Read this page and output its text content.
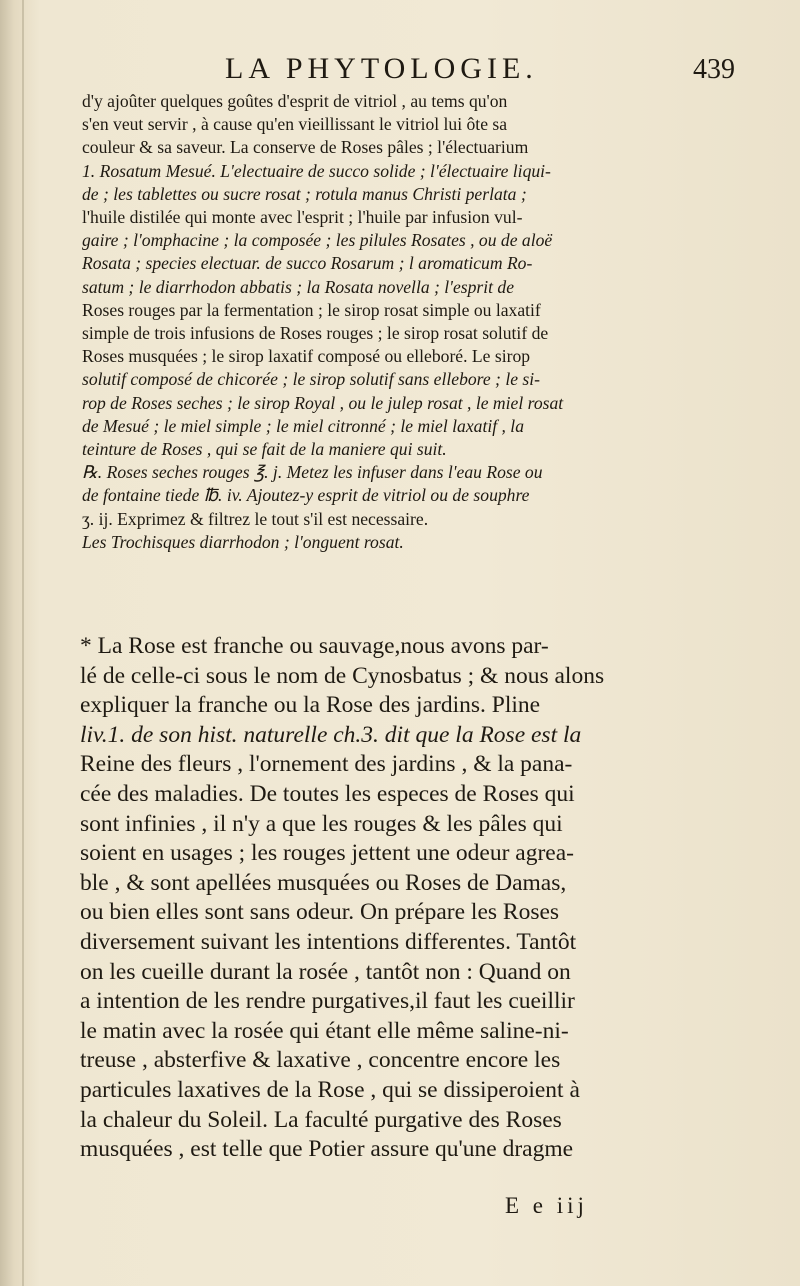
LA PHYTOLOGIE.	439
d'y ajoûter quelques goûtes d'esprit de vitriol , au tems qu'on
s'en veut servir , à cause qu'en vieillissant le vitriol lui ôte sa
couleur & sa saveur. La conserve de Roses pâles ; l'électuarium
1. Rosatum Mesué. L'electuaire de succo solide ; l'électuaire liqui-
de ; les tablettes ou sucre rosat ; rotula manus Christi perlata ;
l'huile distilée qui monte avec l'esprit ; l'huile par infusion vul-
gaire ; l'omphacine ; la composée ; les pilules Rosates , ou de aloë
Rosata ; species electuar. de succo Rosarum ; l aromaticum Ro-
satum ; le diarrhodon abbatis ; la Rosata novella ; l'esprit de
Roses rouges par la fermentation ; le sirop rosat simple ou laxatif
simple de trois infusions de Roses rouges ; le sirop rosat solutif de
Roses musquées ; le sirop laxatif composé ou elleboré. Le sirop
solutif composé de chicorée ; le sirop solutif sans ellebore ; le si-
rop de Roses seches ; le sirop Royal , ou le julep rosat , le miel rosat
de Mesué ; le miel simple ; le miel citronné ; le miel laxatif , la
teinture de Roses , qui se fait de la maniere qui suit.
℞. Roses seches rouges ℥. j. Metez les infuser dans l'eau Rose ou
de fontaine tiede ℔. iv. Ajoutez-y esprit de vitriol ou de souphre
ʒ. ij. Exprimez & filtrez le tout s'il est necessaire.
Les Trochisques diarrhodon ; l'onguent rosat.
* La Rose est franche ou sauvage,nous avons par-
lé de celle-ci sous le nom de Cynosbatus ; & nous alons
expliquer la franche ou la Rose des jardins. Pline
liv.1. de son hist. naturelle ch.3. dit que la Rose est la
Reine des fleurs , l'ornement des jardins , & la pana-
cée des maladies. De toutes les especes de Roses qui
sont infinies , il n'y a que les rouges & les pâles qui
soient en usages ; les rouges jettent une odeur agrea-
ble , & sont apellées musquées ou Roses de Damas,
ou bien elles sont sans odeur. On prépare les Roses
diversement suivant les intentions differentes. Tantôt
on les cueille durant la rosée , tantôt non : Quand on
a intention de les rendre purgatives,il faut les cueillir
le matin avec la rosée qui étant elle même saline-ni-
treuse , absterfive & laxative , concentre encore les
particules laxatives de la Rose , qui se dissiperoient à
la chaleur du Soleil. La faculté purgative des Roses
musquées , est telle que Potier assure qu'une dragme
E e iij
